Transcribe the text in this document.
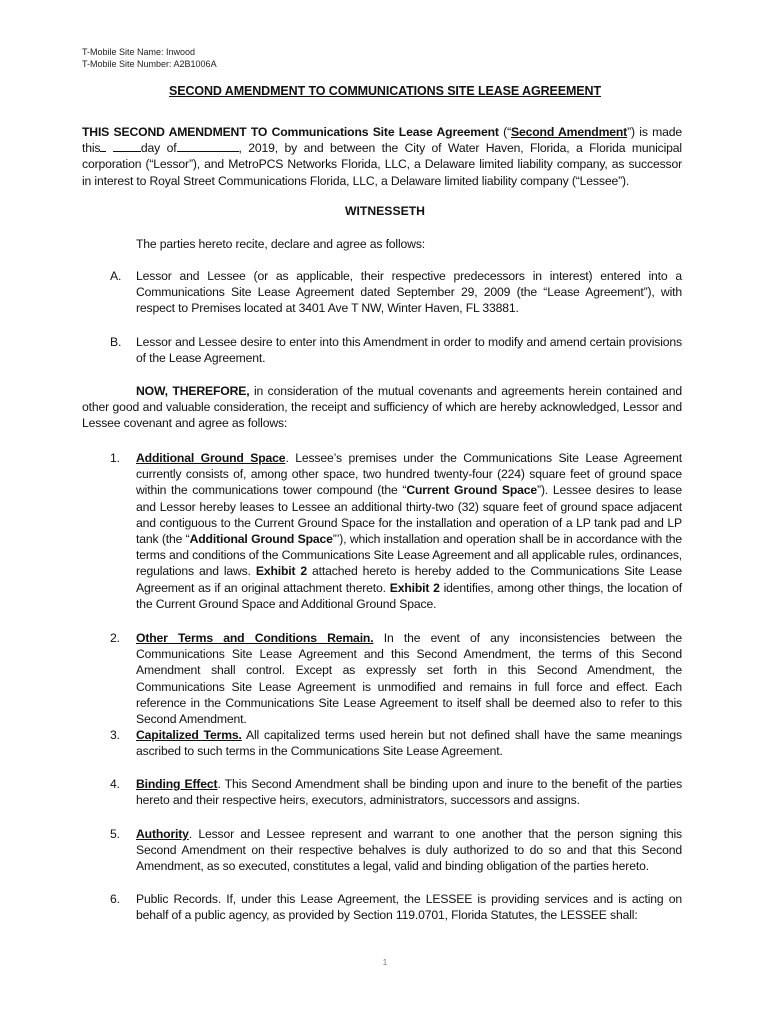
T-Mobile Site Name: Inwood
T-Mobile Site Number: A2B1006A
SECOND AMENDMENT TO COMMUNICATIONS SITE LEASE AGREEMENT
THIS SECOND AMENDMENT TO Communications Site Lease Agreement (“Second Amendment”) is made this	day of	, 2019, by and between the City of Water Haven, Florida, a Florida municipal corporation (“Lessor”), and MetroPCS Networks Florida, LLC, a Delaware limited liability company, as successor in interest to Royal Street Communications Florida, LLC, a Delaware limited liability company (“Lessee”).
WITNESSETH
The parties hereto recite, declare and agree as follows:
A. Lessor and Lessee (or as applicable, their respective predecessors in interest) entered into a Communications Site Lease Agreement dated September 29, 2009 (the “Lease Agreement”), with respect to Premises located at 3401 Ave T NW, Winter Haven, FL 33881.
B. Lessor and Lessee desire to enter into this Amendment in order to modify and amend certain provisions of the Lease Agreement.
NOW, THEREFORE, in consideration of the mutual covenants and agreements herein contained and other good and valuable consideration, the receipt and sufficiency of which are hereby acknowledged, Lessor and Lessee covenant and agree as follows:
1. Additional Ground Space. Lessee’s premises under the Communications Site Lease Agreement currently consists of, among other space, two hundred twenty-four (224) square feet of ground space within the communications tower compound (the “Current Ground Space”). Lessee desires to lease and Lessor hereby leases to Lessee an additional thirty-two (32) square feet of ground space adjacent and contiguous to the Current Ground Space for the installation and operation of a LP tank pad and LP tank (the “Additional Ground Space”’), which installation and operation shall be in accordance with the terms and conditions of the Communications Site Lease Agreement and all applicable rules, ordinances, regulations and laws. Exhibit 2 attached hereto is hereby added to the Communications Site Lease Agreement as if an original attachment thereto. Exhibit 2 identifies, among other things, the location of the Current Ground Space and Additional Ground Space.
2. Other Terms and Conditions Remain. In the event of any inconsistencies between the Communications Site Lease Agreement and this Second Amendment, the terms of this Second Amendment shall control. Except as expressly set forth in this Second Amendment, the Communications Site Lease Agreement is unmodified and remains in full force and effect. Each reference in the Communications Site Lease Agreement to itself shall be deemed also to refer to this Second Amendment.
3. Capitalized Terms. All capitalized terms used herein but not defined shall have the same meanings ascribed to such terms in the Communications Site Lease Agreement.
4. Binding Effect. This Second Amendment shall be binding upon and inure to the benefit of the parties hereto and their respective heirs, executors, administrators, successors and assigns.
5. Authority. Lessor and Lessee represent and warrant to one another that the person signing this Second Amendment on their respective behalves is duly authorized to do so and that this Second Amendment, as so executed, constitutes a legal, valid and binding obligation of the parties hereto.
6. Public Records. If, under this Lease Agreement, the LESSEE is providing services and is acting on behalf of a public agency, as provided by Section 119.0701, Florida Statutes, the LESSEE shall:
1
